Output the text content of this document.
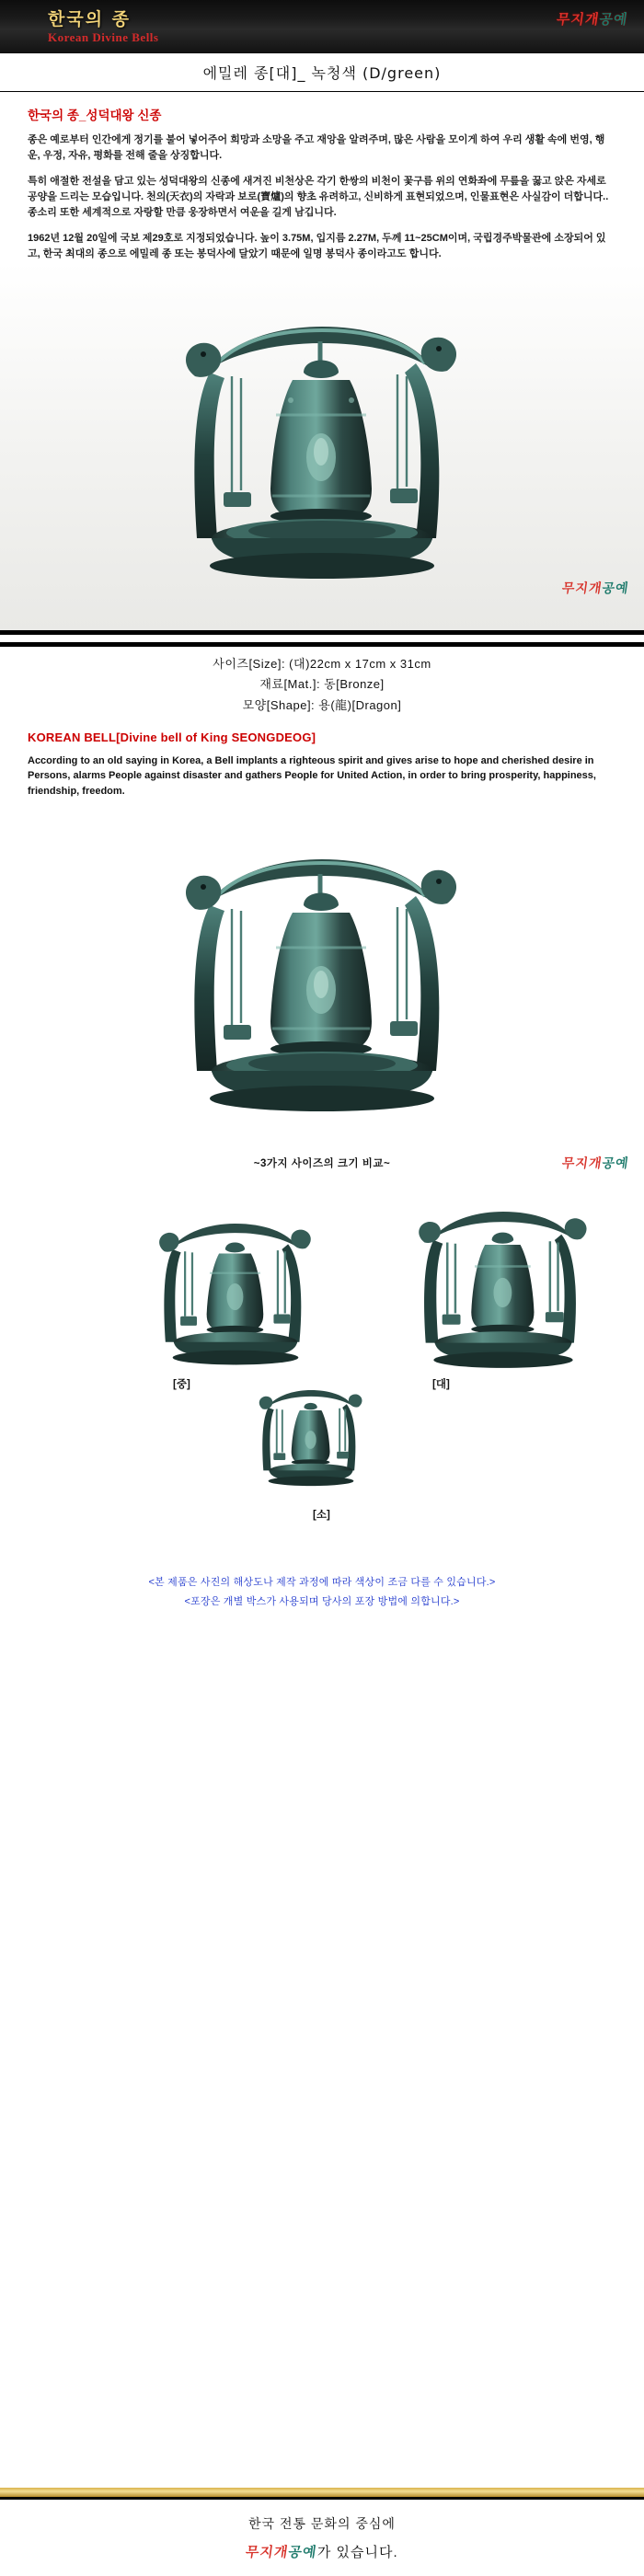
한국의 종
Korean Divine Bells
무지개공예
에밀레 종[대]_ 녹청색 (D/green)
한국의 종_성덕대왕 신종
종은 예로부터 인간에게 정기를 불어 넣어주어 희망과 소망을 주고 재앙을 알려주며, 많은 사람을 모이게 하여 우리 생활 속에 번영, 행운, 우정, 자유, 평화를 전해 줄을 상징합니다.
특히 애절한 전설을 담고 있는 성덕대왕의 신종에 새겨진 비천상은 각기 한쌍의 비천이 꽃구름 위의 연화좌에 무릎을 꿇고 앉은 자세로 공양을 드리는 모습입니다. 천의(天衣)의 자락과 보로(寶爐)의 향초 유려하고, 신비하게 표현되었으며, 인물표현은 사실감이 더합니다.. 종소리 또한 세계적으로 자랑할 만큼 웅장하면서 여운을 길게 남깁니다.
1962년 12월 20일에 국보 제29호로 지정되었습니다. 높이 3.75M, 입지름 2.27M, 두께 11~25CM이며, 국립경주박물관에 소장되어 있고, 한국 최대의 종으로 에밀레 종 또는 봉덕사에 달았기 때문에 일명 봉덕사 종이라고도 합니다.
무지개공예
사이즈[Size]: (대)22cm x 17cm x 31cm
재료[Mat.]: 동[Bronze]
모양[Shape]: 용(龍)[Dragon]
KOREAN BELL[Divine bell of King SEONGDEOG]
According to an old saying in Korea, a Bell implants a righteous spirit and gives arise to hope and cherished desire in Persons, alarms People against disaster and gathers People for United Action, in order to bring prosperity, happiness, friendship, freedom.
~3가지 사이즈의 크기 비교~	무지개공예
[중]	[대]
[소]
<본 제품은 사진의 해상도나 제작 과정에 따라 색상이 조금 다를 수 있습니다.>
<포장은 개별 박스가 사용되며 당사의 포장 방법에 의합니다.>
한국 전통 문화의 중심에
무지개공예가 있습니다.
